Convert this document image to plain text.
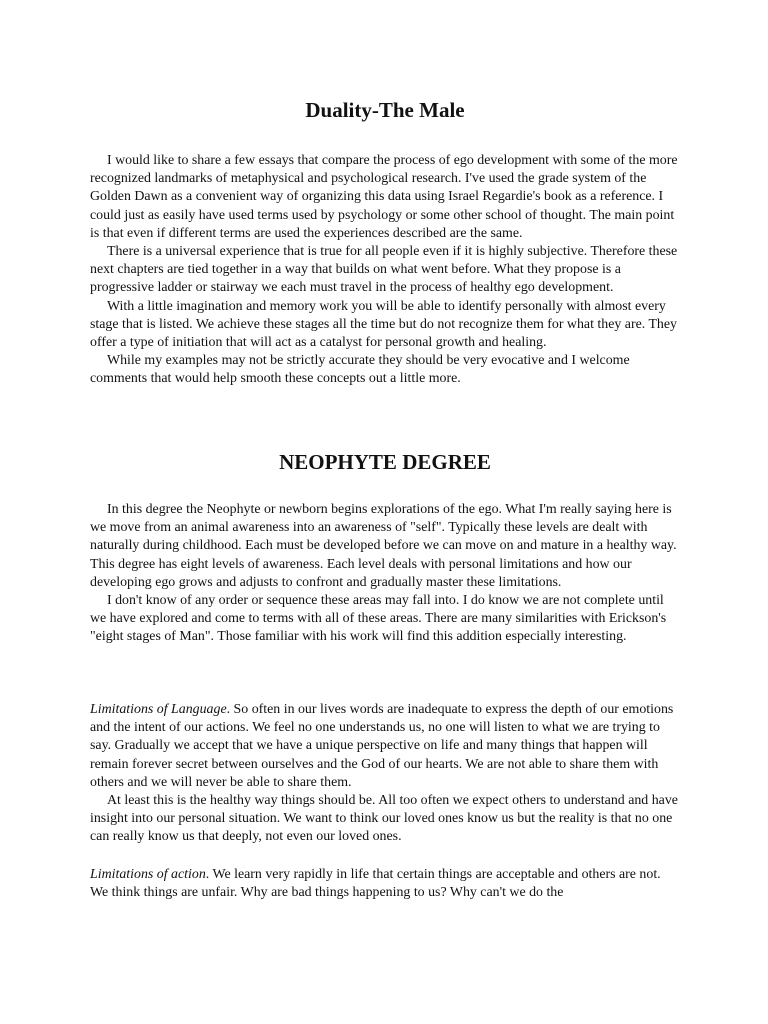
Duality-The Male

I would like to share a few essays that compare the process of ego development with some of the more recognized landmarks of metaphysical and psychological research. I've used the grade system of the Golden Dawn as a convenient way of organizing this data using Israel Regardie's book as a reference. I could just as easily have used terms used by psychology or some other school of thought. The main point is that even if different terms are used the experiences described are the same.

There is a universal experience that is true for all people even if it is highly subjective. Therefore these next chapters are tied together in a way that builds on what went before. What they propose is a progressive ladder or stairway we each must travel in the process of healthy ego development.

With a little imagination and memory work you will be able to identify personally with almost every stage that is listed. We achieve these stages all the time but do not recognize them for what they are. They offer a type of initiation that will act as a catalyst for personal growth and healing.

While my examples may not be strictly accurate they should be very evocative and I welcome comments that would help smooth these concepts out a little more.

NEOPHYTE DEGREE

In this degree the Neophyte or newborn begins explorations of the ego. What I'm really saying here is we move from an animal awareness into an awareness of "self". Typically these levels are dealt with naturally during childhood. Each must be developed before we can move on and mature in a healthy way. This degree has eight levels of awareness. Each level deals with personal limitations and how our developing ego grows and adjusts to confront and gradually master these limitations.

I don't know of any order or sequence these areas may fall into. I do know we are not complete until we have explored and come to terms with all of these areas. There are many similarities with Erickson's "eight stages of Man". Those familiar with his work will find this addition especially interesting.

Limitations of Language. So often in our lives words are inadequate to express the depth of our emotions and the intent of our actions. We feel no one understands us, no one will listen to what we are trying to say. Gradually we accept that we have a unique perspective on life and many things that happen will remain forever secret between ourselves and the God of our hearts. We are not able to share them with others and we will never be able to share them.

At least this is the healthy way things should be. All too often we expect others to understand and have insight into our personal situation. We want to think our loved ones know us but the reality is that no one can really know us that deeply, not even our loved ones.

Limitations of action. We learn very rapidly in life that certain things are acceptable and others are not. We think things are unfair. Why are bad things happening to us? Why can't we do the
